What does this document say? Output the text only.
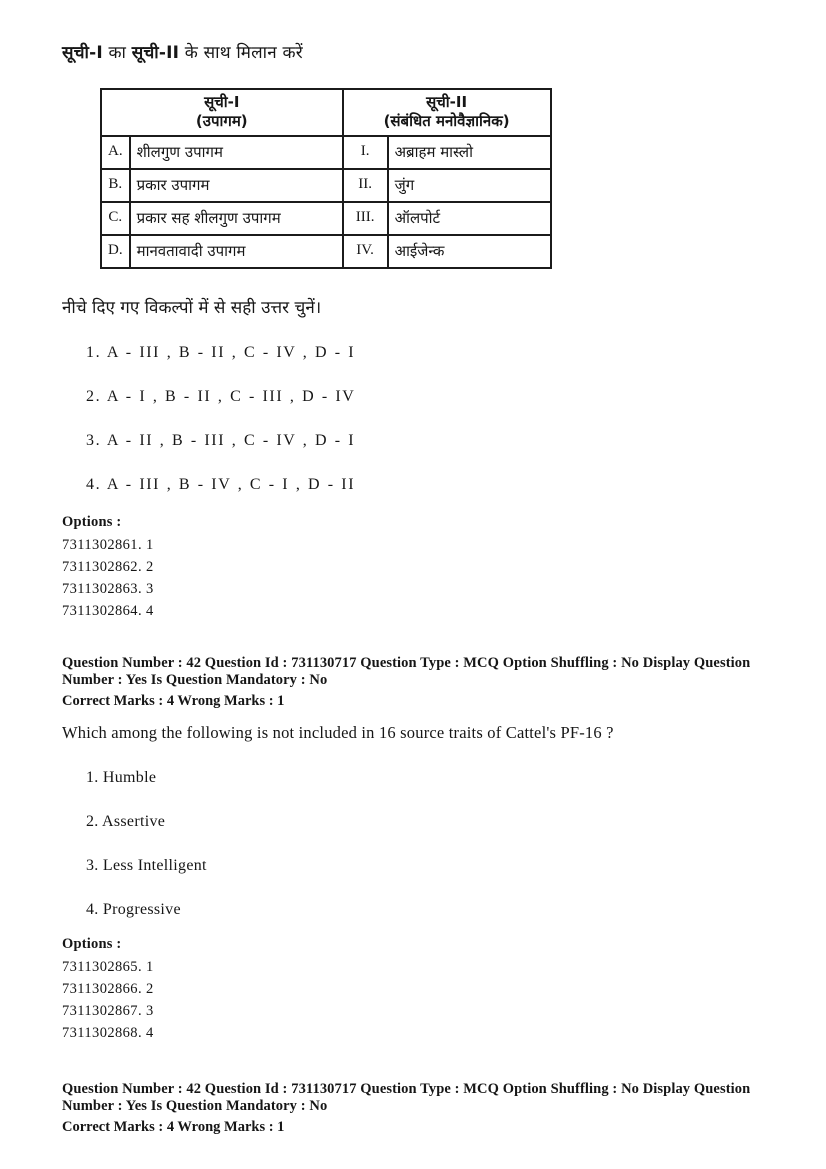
सूची-I का सूची-II के साथ मिलान करें
सूची-I
(उपागम)

सूची-II
(संबंधित मनोवैज्ञानिक)

A.	शीलगुण उपागम	I.	अब्राहम मास्लो
B.	प्रकार उपागम	II.	जुंग
C.	प्रकार सह शीलगुण उपागम	III.	ऑलपोर्ट
D.	मानवतावादी उपागम	IV.	आईजेन्क
नीचे दिए गए विकल्पों में से सही उत्तर चुनें।
1. A - III , B - II , C - IV , D - I
2. A - I , B - II , C - III , D - IV
3. A - II , B - III , C - IV , D - I
4. A - III , B - IV , C - I , D - II
Options :
7311302861. 1
7311302862. 2
7311302863. 3
7311302864. 4
Question Number : 42 Question Id : 731130717 Question Type : MCQ Option Shuffling : No Display Question
Number : Yes Is Question Mandatory : No
Correct Marks : 4 Wrong Marks : 1
Which among the following is not included in 16 source traits of Cattel's PF-16 ?
1. Humble
2. Assertive
3. Less Intelligent
4. Progressive
Options :
7311302865. 1
7311302866. 2
7311302867. 3
7311302868. 4
Question Number : 42 Question Id : 731130717 Question Type : MCQ Option Shuffling : No Display Question
Number : Yes Is Question Mandatory : No
Correct Marks : 4 Wrong Marks : 1
